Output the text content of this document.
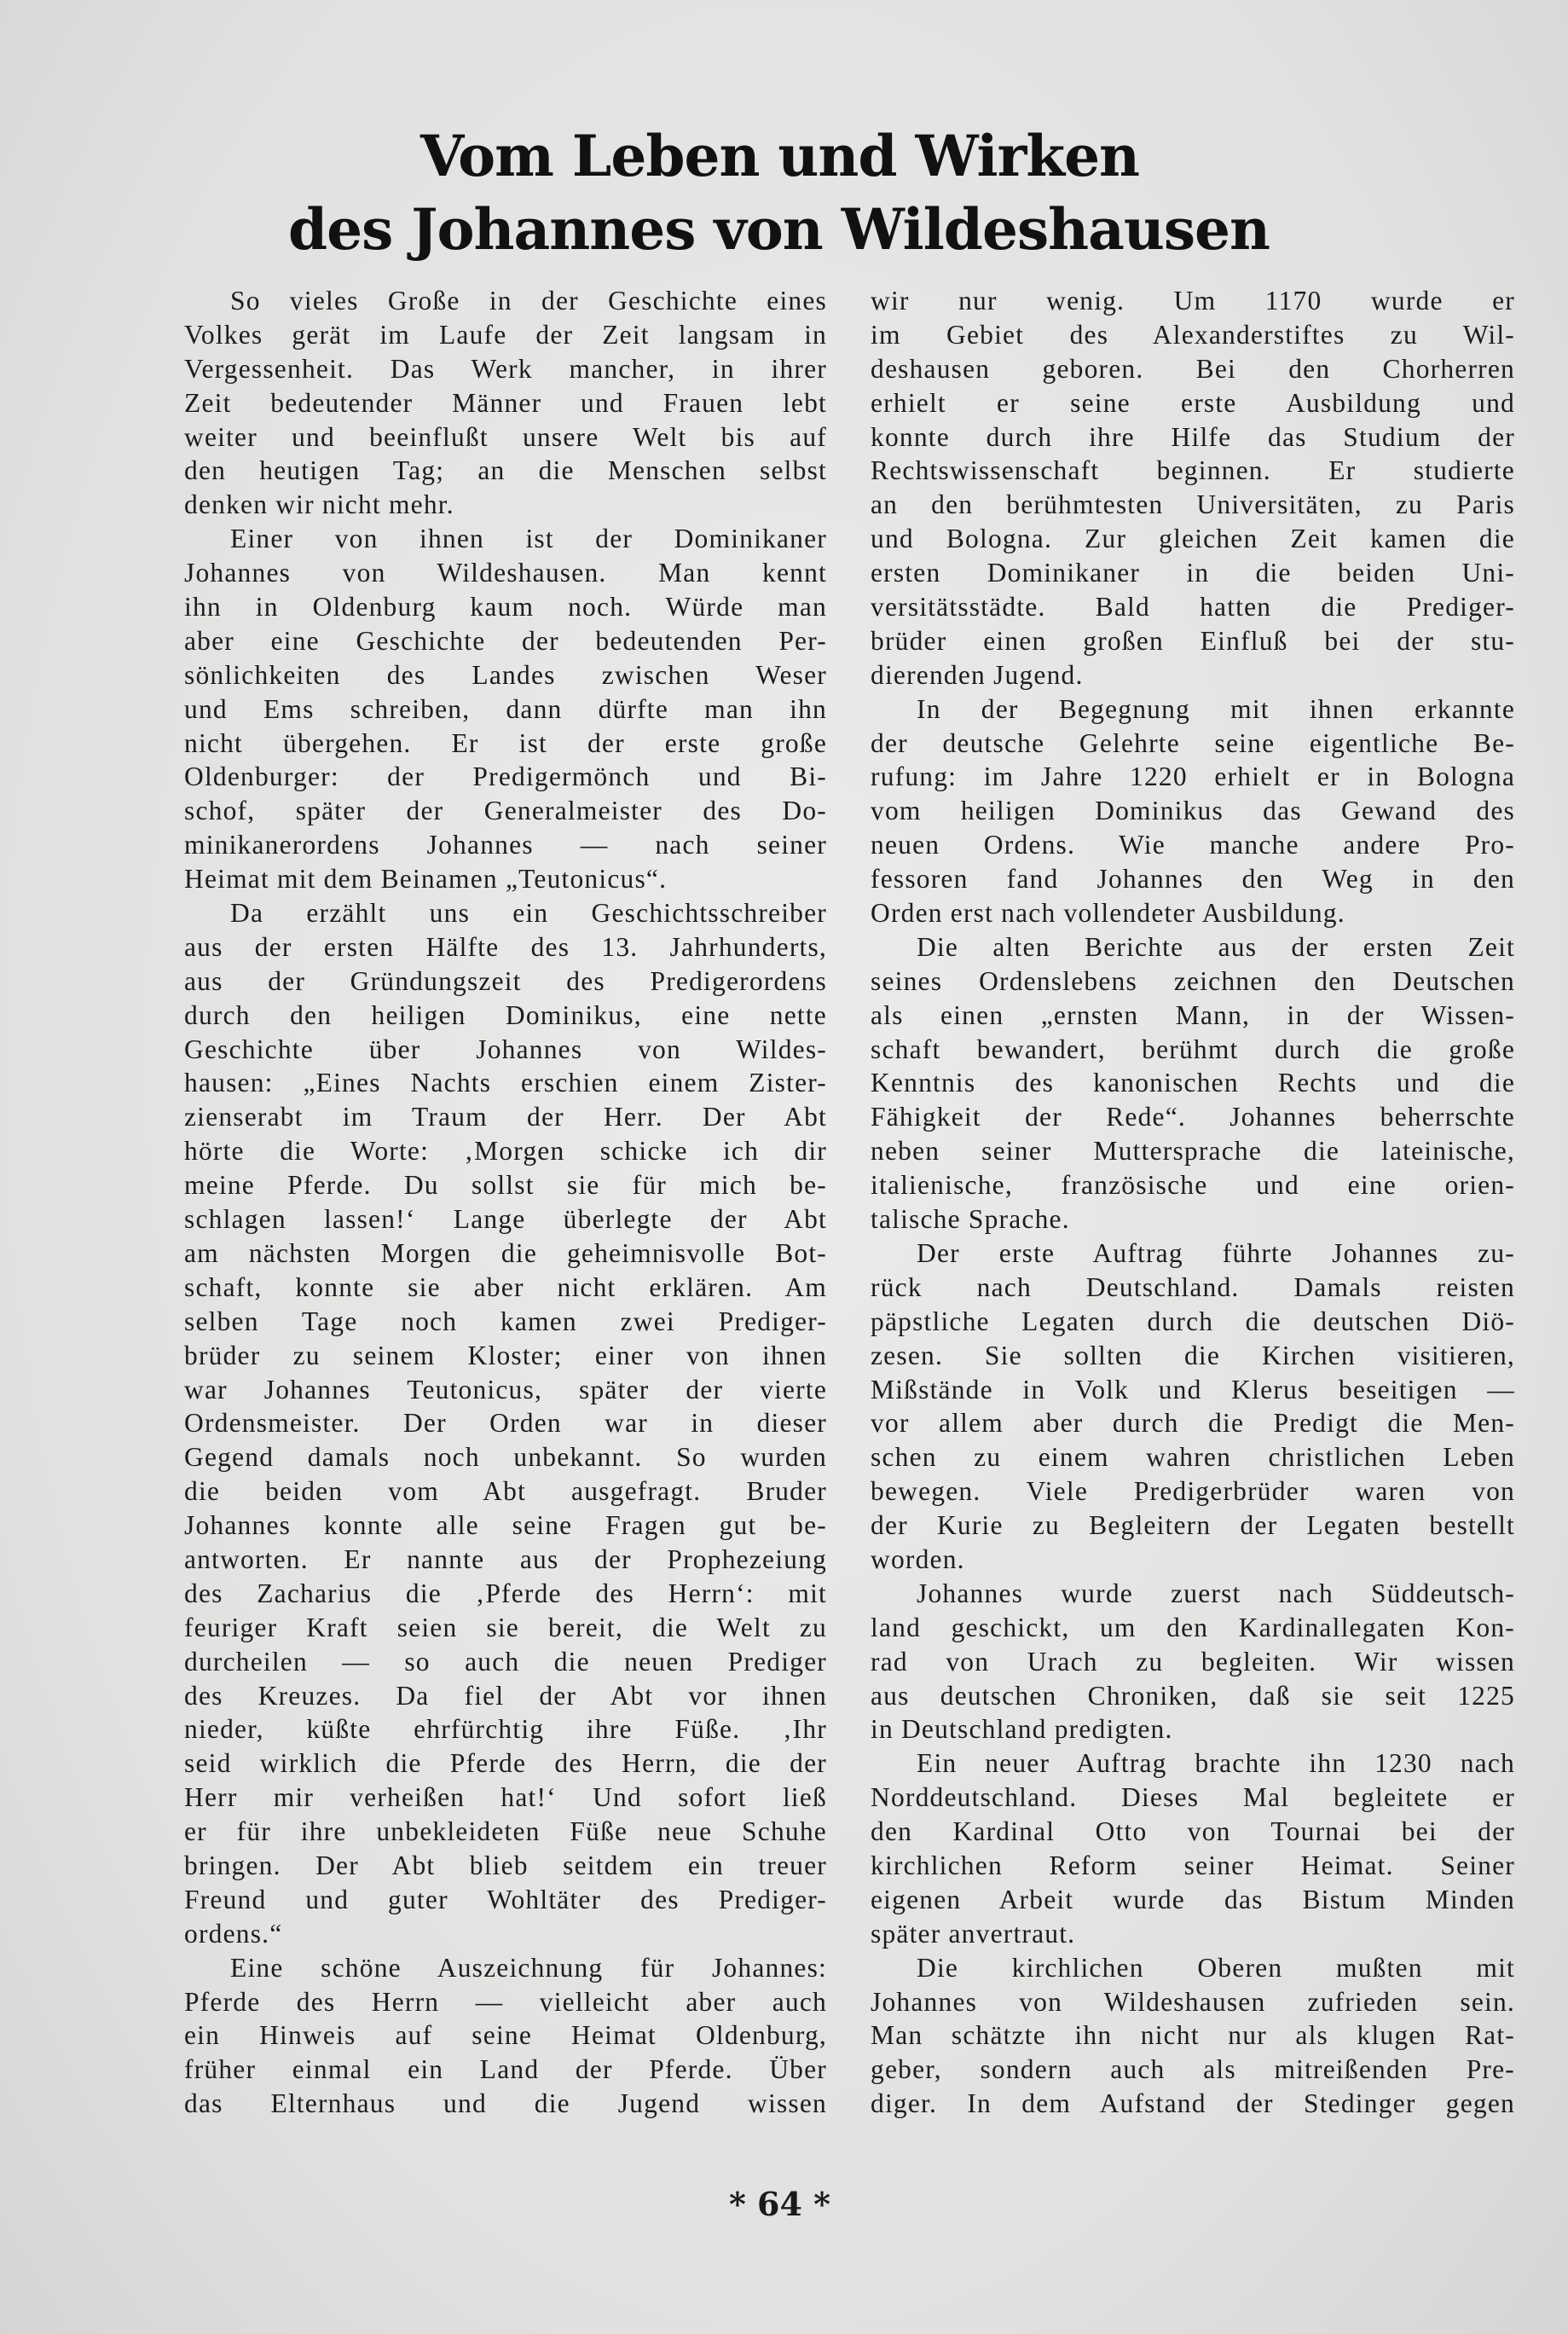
Vom Leben und Wirken
des Johannes von Wildeshausen
So vieles Große in der Geschichte eines
Volkes gerät im Laufe der Zeit langsam in
Vergessenheit. Das Werk mancher, in ihrer
Zeit bedeutender Männer und Frauen lebt
weiter und beeinflußt unsere Welt bis auf
den heutigen Tag; an die Menschen selbst
denken wir nicht mehr.
Einer von ihnen ist der Dominikaner
Johannes von Wildeshausen. Man kennt
ihn in Oldenburg kaum noch. Würde man
aber eine Geschichte der bedeutenden Per-
sönlichkeiten des Landes zwischen Weser
und Ems schreiben, dann dürfte man ihn
nicht übergehen. Er ist der erste große
Oldenburger: der Predigermönch und Bi-
schof, später der Generalmeister des Do-
minikanerordens Johannes — nach seiner
Heimat mit dem Beinamen „Teutonicus“.
Da erzählt uns ein Geschichtsschreiber
aus der ersten Hälfte des 13. Jahrhunderts,
aus der Gründungszeit des Predigerordens
durch den heiligen Dominikus, eine nette
Geschichte über Johannes von Wildes-
hausen: „Eines Nachts erschien einem Zister-
zienserabt im Traum der Herr. Der Abt
hörte die Worte: ‚Morgen schicke ich dir
meine Pferde. Du sollst sie für mich be-
schlagen lassen!‘ Lange überlegte der Abt
am nächsten Morgen die geheimnisvolle Bot-
schaft, konnte sie aber nicht erklären. Am
selben Tage noch kamen zwei Prediger-
brüder zu seinem Kloster; einer von ihnen
war Johannes Teutonicus, später der vierte
Ordensmeister. Der Orden war in dieser
Gegend damals noch unbekannt. So wurden
die beiden vom Abt ausgefragt. Bruder
Johannes konnte alle seine Fragen gut be-
antworten. Er nannte aus der Prophezeiung
des Zacharius die ‚Pferde des Herrn‘: mit
feuriger Kraft seien sie bereit, die Welt zu
durcheilen — so auch die neuen Prediger
des Kreuzes. Da fiel der Abt vor ihnen
nieder, küßte ehrfürchtig ihre Füße. ‚Ihr
seid wirklich die Pferde des Herrn, die der
Herr mir verheißen hat!‘ Und sofort ließ
er für ihre unbekleideten Füße neue Schuhe
bringen. Der Abt blieb seitdem ein treuer
Freund und guter Wohltäter des Prediger-
ordens.“
Eine schöne Auszeichnung für Johannes:
Pferde des Herrn — vielleicht aber auch
ein Hinweis auf seine Heimat Oldenburg,
früher einmal ein Land der Pferde. Über
das Elternhaus und die Jugend wissen
wir nur wenig. Um 1170 wurde er
im Gebiet des Alexanderstiftes zu Wil-
deshausen geboren. Bei den Chorherren
erhielt er seine erste Ausbildung und
konnte durch ihre Hilfe das Studium der
Rechtswissenschaft beginnen. Er studierte
an den berühmtesten Universitäten, zu Paris
und Bologna. Zur gleichen Zeit kamen die
ersten Dominikaner in die beiden Uni-
versitätsstädte. Bald hatten die Prediger-
brüder einen großen Einfluß bei der stu-
dierenden Jugend.
In der Begegnung mit ihnen erkannte
der deutsche Gelehrte seine eigentliche Be-
rufung: im Jahre 1220 erhielt er in Bologna
vom heiligen Dominikus das Gewand des
neuen Ordens. Wie manche andere Pro-
fessoren fand Johannes den Weg in den
Orden erst nach vollendeter Ausbildung.
Die alten Berichte aus der ersten Zeit
seines Ordenslebens zeichnen den Deutschen
als einen „ernsten Mann, in der Wissen-
schaft bewandert, berühmt durch die große
Kenntnis des kanonischen Rechts und die
Fähigkeit der Rede“. Johannes beherrschte
neben seiner Muttersprache die lateinische,
italienische, französische und eine orien-
talische Sprache.
Der erste Auftrag führte Johannes zu-
rück nach Deutschland. Damals reisten
päpstliche Legaten durch die deutschen Diö-
zesen. Sie sollten die Kirchen visitieren,
Mißstände in Volk und Klerus beseitigen —
vor allem aber durch die Predigt die Men-
schen zu einem wahren christlichen Leben
bewegen. Viele Predigerbrüder waren von
der Kurie zu Begleitern der Legaten bestellt
worden.
Johannes wurde zuerst nach Süddeutsch-
land geschickt, um den Kardinallegaten Kon-
rad von Urach zu begleiten. Wir wissen
aus deutschen Chroniken, daß sie seit 1225
in Deutschland predigten.
Ein neuer Auftrag brachte ihn 1230 nach
Norddeutschland. Dieses Mal begleitete er
den Kardinal Otto von Tournai bei der
kirchlichen Reform seiner Heimat. Seiner
eigenen Arbeit wurde das Bistum Minden
später anvertraut.
Die kirchlichen Oberen mußten mit
Johannes von Wildeshausen zufrieden sein.
Man schätzte ihn nicht nur als klugen Rat-
geber, sondern auch als mitreißenden Pre-
diger. In dem Aufstand der Stedinger gegen
* 64 *
